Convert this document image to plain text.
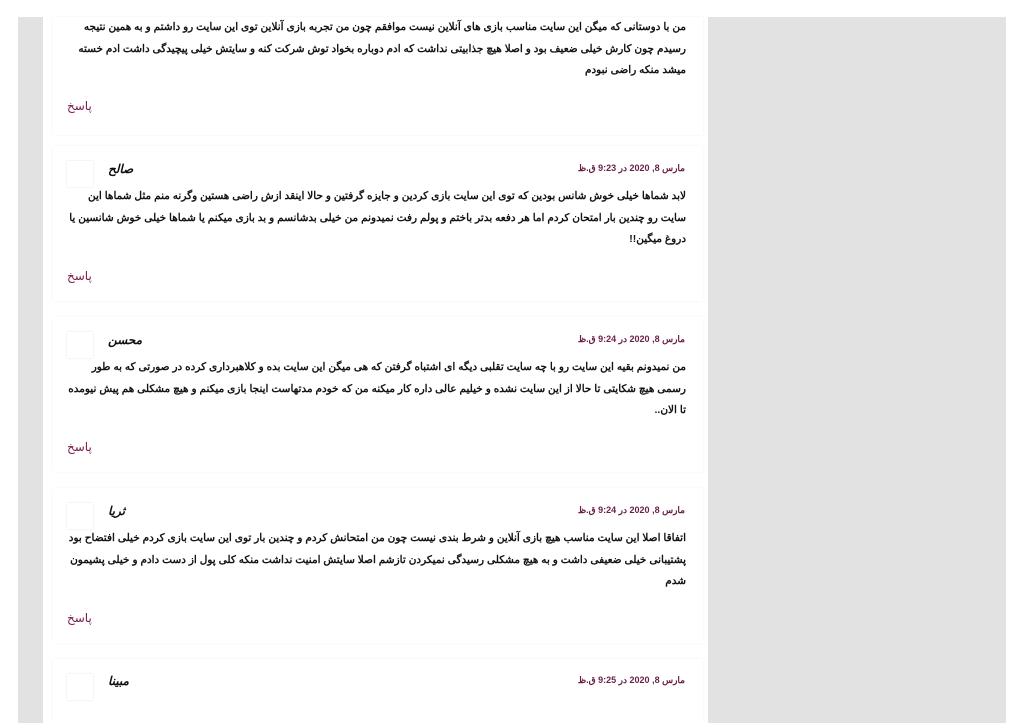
من با دوستانی که میگن این سایت مناسب بازی های آنلاین نیست موافقم چون من تجربه بازی آنلاین توی این سایت رو داشتم و به همین نتیجه رسیدم چون کارش خیلی ضعیف بود و اصلا هیچ جذابیتی نداشت که ادم دوباره بخواد توش شرکت کنه و سایتش خیلی پیچیدگی داشت ادم خسته میشد منکه راضی نبودم
پاسخ
صالح	مارس 8, 2020 در 9:23 ق.ظ
لابد شماها خیلی خوش شانس بودین که توی این سایت بازی کردین و جایزه گرفتین و حالا اینقد ازش راضی هستین وگرنه منم مثل شماها این سایت رو چندین بار امتحان کردم اما هر دفعه بدتر باختم و پولم رفت نمیدونم من خیلی بدشانسم و بد بازی میکنم یا شماها خیلی خوش شانسین یا دروغ میگین!!
پاسخ
محسن	مارس 8, 2020 در 9:24 ق.ظ
من نمیدونم بقیه این سایت رو با چه سایت تقلبی دیگه ای اشتباه گرفتن که هی میگن این سایت بده و کلاهبرداری کرده در صورتی که به طور رسمی هیچ شکایتی تا حالا از این سایت نشده و خیلیم عالی داره کار میکنه من که خودم مدتهاست اینجا بازی میکنم و هیچ مشکلی هم پیش نیومده تا الان..
پاسخ
ثریا	مارس 8, 2020 در 9:24 ق.ظ
اتفاقا اصلا این سایت مناسب هیچ بازی آنلاین و شرط بندی نیست چون من امتحانش کردم و چندین بار توی این سایت بازی کردم خیلی افتضاح بود پشتیبانی خیلی ضعیفی داشت و به هیچ مشکلی رسیدگی نمیکردن تازشم اصلا سایتش امنیت نداشت منکه کلی پول از دست دادم و خیلی پشیمون شدم
پاسخ
مبینا	مارس 8, 2020 در 9:25 ق.ظ
